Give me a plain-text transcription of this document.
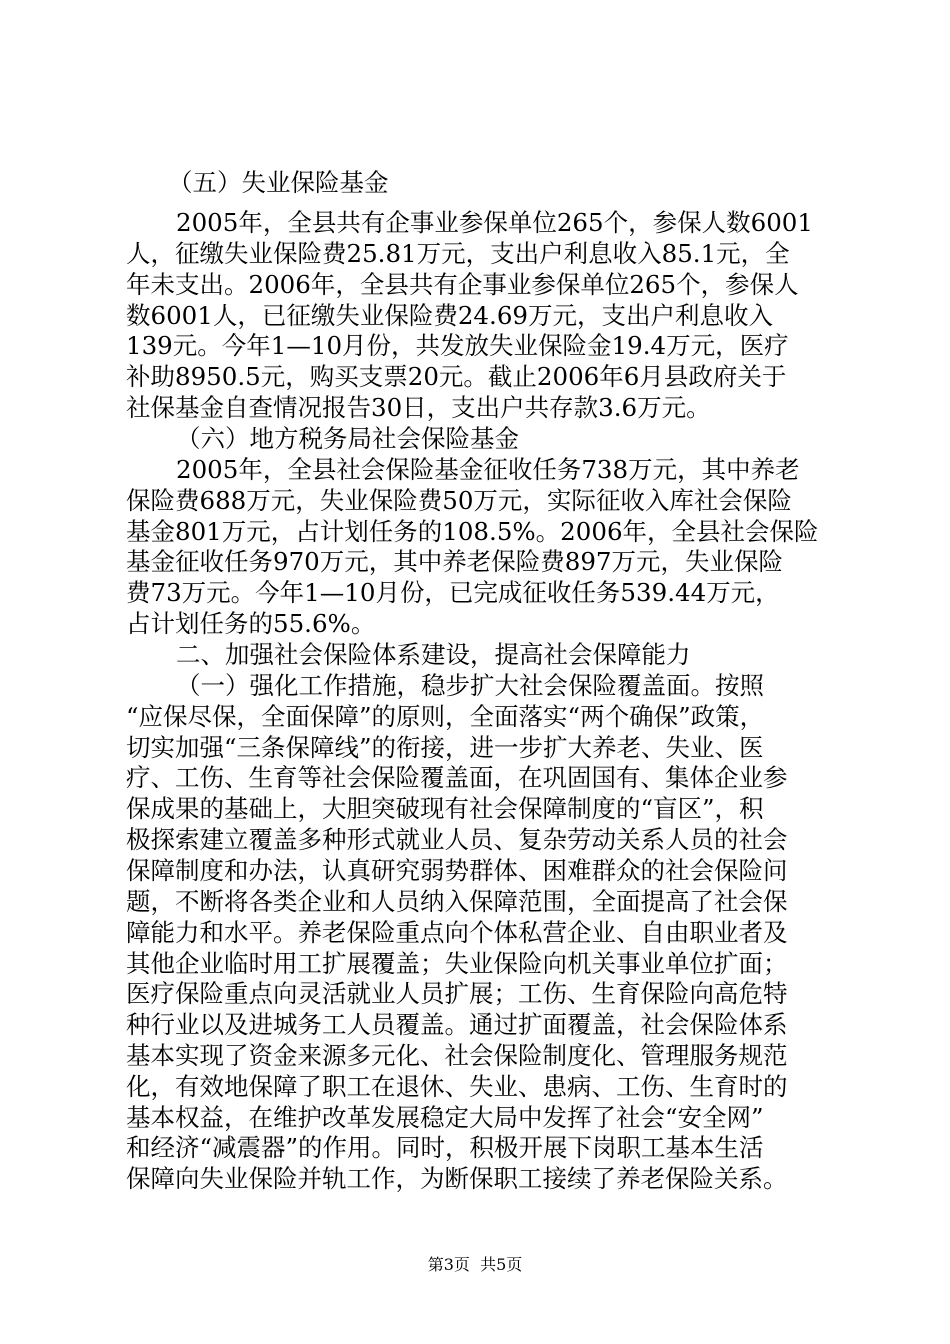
（五）失业保险基金
2005年，全县共有企事业参保单位265个，参保人数6001
人，征缴失业保险费25.81万元，支出户利息收入85.1元，全
年未支出。2006年，全县共有企事业参保单位265个，参保人
数6001人，已征缴失业保险费24.69万元，支出户利息收入
139元。今年1—10月份，共发放失业保险金19.4万元，医疗
补助8950.5元，购买支票20元。截止2006年6月县政府关于
社保基金自查情况报告30日，支出户共存款3.6万元。
（六）地方税务局社会保险基金
2005年，全县社会保险基金征收任务738万元，其中养老
保险费688万元，失业保险费50万元，实际征收入库社会保险
基金801万元，占计划任务的108.5%。2006年，全县社会保险
基金征收任务970万元，其中养老保险费897万元，失业保险
费73万元。今年1—10月份，已完成征收任务539.44万元，
占计划任务的55.6%。
二、加强社会保险体系建设，提高社会保障能力
（一）强化工作措施，稳步扩大社会保险覆盖面。按照
“应保尽保，全面保障”的原则，全面落实“两个确保”政策，
切实加强“三条保障线”的衔接，进一步扩大养老、失业、医
疗、工伤、生育等社会保险覆盖面，在巩固国有、集体企业参
保成果的基础上，大胆突破现有社会保障制度的“盲区”，积
极探索建立覆盖多种形式就业人员、复杂劳动关系人员的社会
保障制度和办法，认真研究弱势群体、困难群众的社会保险问
题，不断将各类企业和人员纳入保障范围，全面提高了社会保
障能力和水平。养老保险重点向个体私营企业、自由职业者及
其他企业临时用工扩展覆盖；失业保险向机关事业单位扩面；
医疗保险重点向灵活就业人员扩展；工伤、生育保险向高危特
种行业以及进城务工人员覆盖。通过扩面覆盖，社会保险体系
基本实现了资金来源多元化、社会保险制度化、管理服务规范
化，有效地保障了职工在退休、失业、患病、工伤、生育时的
基本权益，在维护改革发展稳定大局中发挥了社会“安全网”
和经济“减震器”的作用。同时，积极开展下岗职工基本生活
保障向失业保险并轨工作，为断保职工接续了养老保险关系。
第3页  共5页
